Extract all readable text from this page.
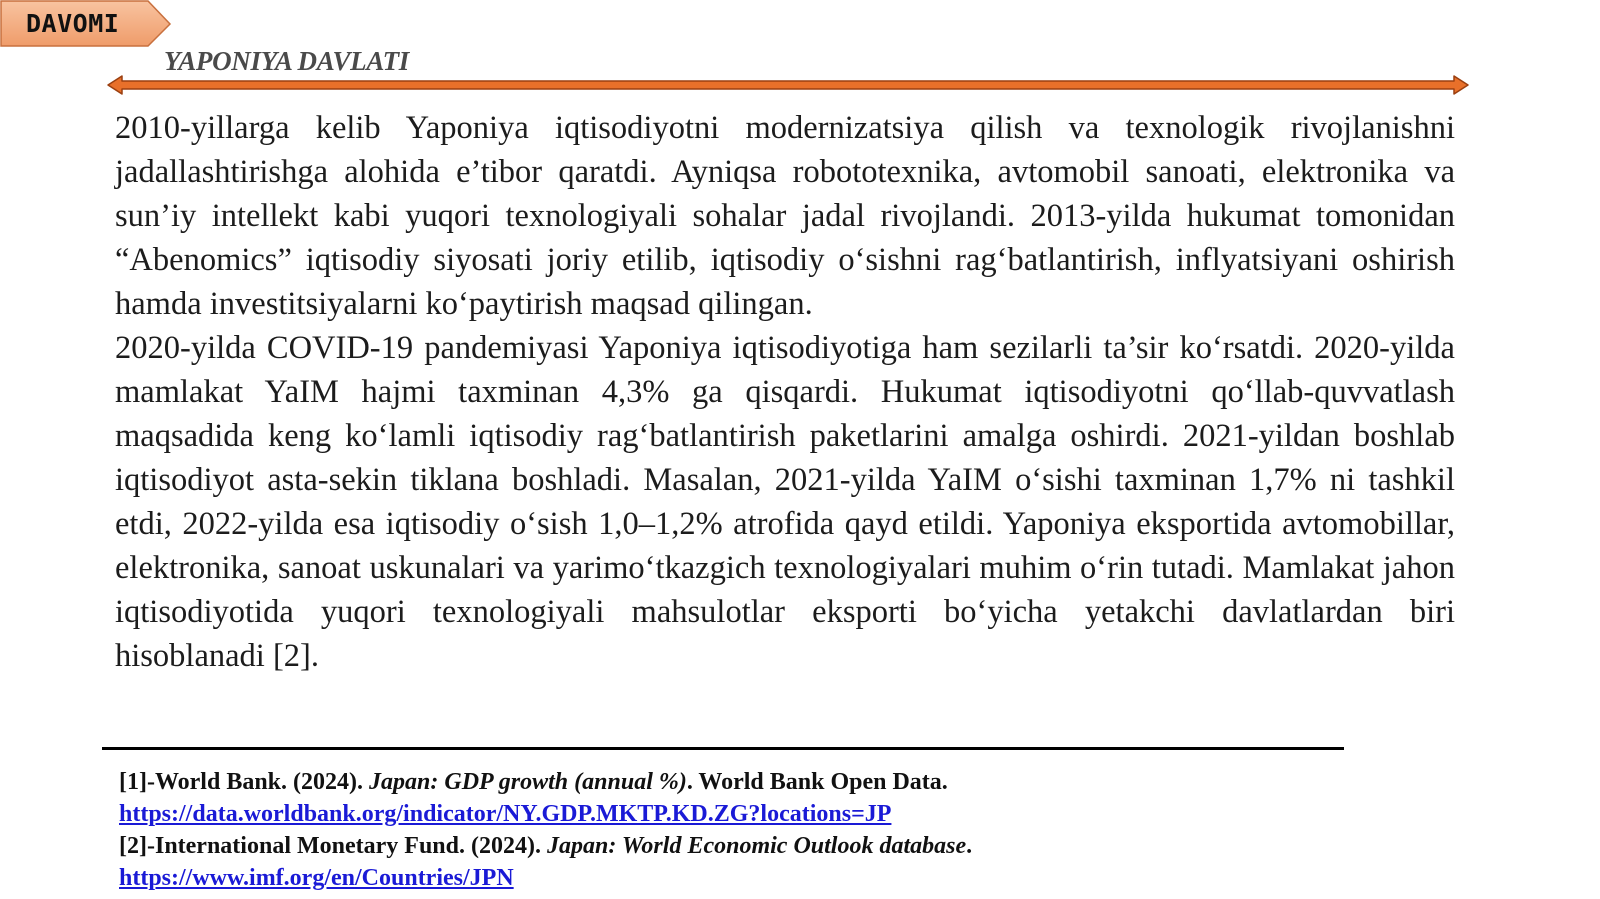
DAVOMI
YAPONIYA DAVLATI

2010-yillarga kelib Yaponiya iqtisodiyotni modernizatsiya qilish va texnologik rivojlanishni jadallashtirishga alohida e’tibor qaratdi. Ayniqsa robototexnika, avtomobil sanoati, elektronika va sun’iy intellekt kabi yuqori texnologiyali sohalar jadal rivojlandi. 2013-yilda hukumat tomonidan “Abenomics” iqtisodiy siyosati joriy etilib, iqtisodiy o‘sishni rag‘batlantirish, inflyatsiyani oshirish hamda investitsiyalarni ko‘paytirish maqsad qilingan.

2020-yilda COVID-19 pandemiyasi Yaponiya iqtisodiyotiga ham sezilarli ta’sir ko‘rsatdi. 2020-yilda mamlakat YaIM hajmi taxminan 4,3% ga qisqardi. Hukumat iqtisodiyotni qo‘llab-quvvatlash maqsadida keng ko‘lamli iqtisodiy rag‘batlantirish paketlarini amalga oshirdi. 2021-yildan boshlab iqtisodiyot asta-sekin tiklana boshladi. Masalan, 2021-yilda YaIM o‘sishi taxminan 1,7% ni tashkil etdi, 2022-yilda esa iqtisodiy o‘sish 1,0–1,2% atrofida qayd etildi. Yaponiya eksportida avtomobillar, elektronika, sanoat uskunalari va yarimo‘tkazgich texnologiyalari muhim o‘rin tutadi. Mamlakat jahon iqtisodiyotida yuqori texnologiyali mahsulotlar eksporti bo‘yicha yetakchi davlatlardan biri hisoblanadi [2].

[1]-World Bank. (2024). Japan: GDP growth (annual %). World Bank Open Data.
https://data.worldbank.org/indicator/NY.GDP.MKTP.KD.ZG?locations=JP
[2]-International Monetary Fund. (2024). Japan: World Economic Outlook database.
https://www.imf.org/en/Countries/JPN
